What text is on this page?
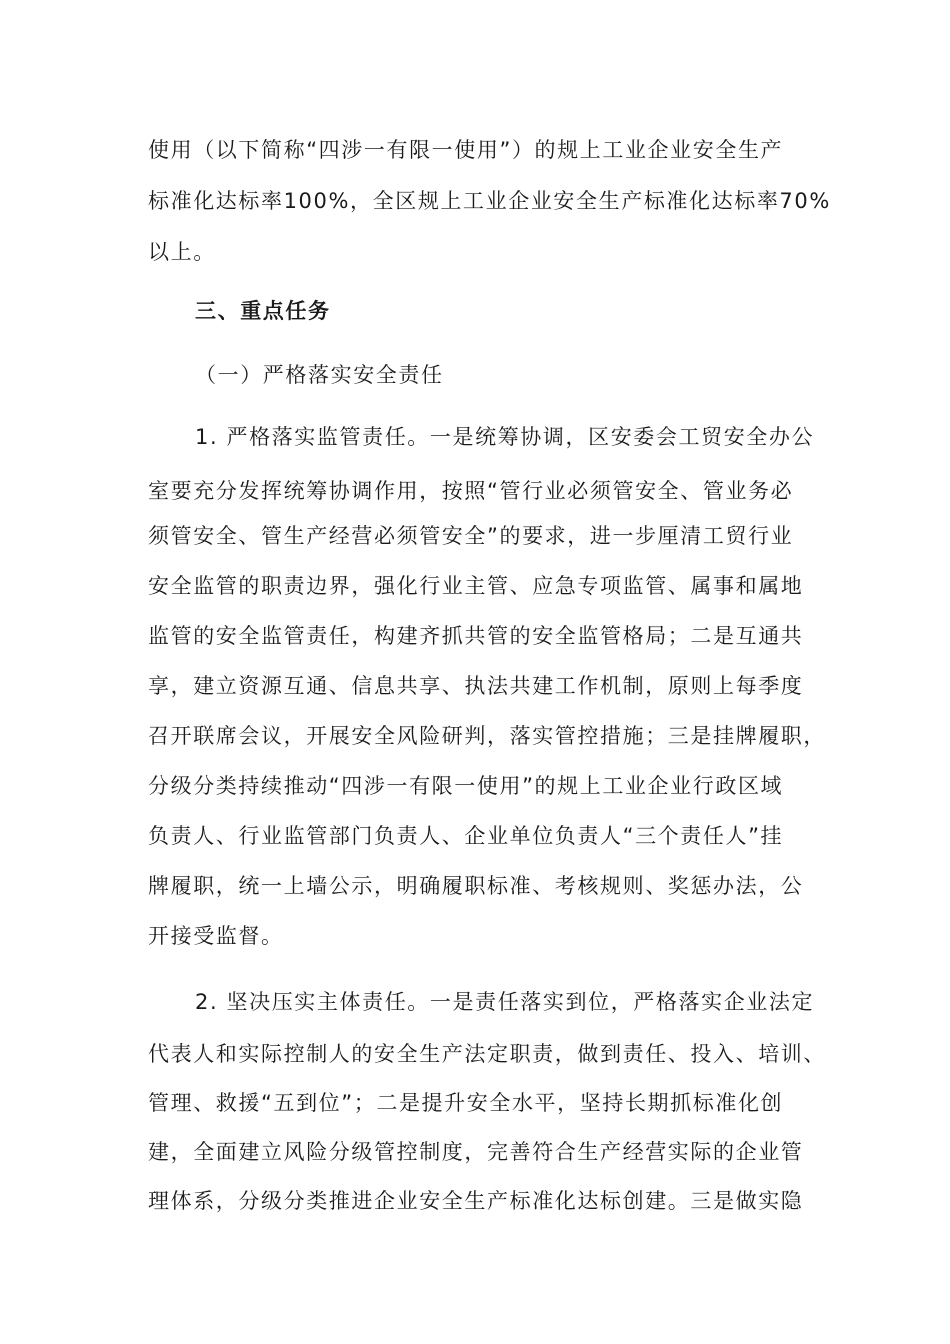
使用（以下简称“四涉一有限一使用”）的规上工业企业安全生产
标准化达标率100%，全区规上工业企业安全生产标准化达标率70%
以上。
三、重点任务
（一）严格落实安全责任
1. 严格落实监管责任。一是统筹协调，区安委会工贸安全办公
室要充分发挥统筹协调作用，按照“管行业必须管安全、管业务必
须管安全、管生产经营必须管安全”的要求，进一步厘清工贸行业
安全监管的职责边界，强化行业主管、应急专项监管、属事和属地
监管的安全监管责任，构建齐抓共管的安全监管格局；二是互通共
享，建立资源互通、信息共享、执法共建工作机制，原则上每季度
召开联席会议，开展安全风险研判，落实管控措施；三是挂牌履职，
分级分类持续推动“四涉一有限一使用”的规上工业企业行政区域
负责人、行业监管部门负责人、企业单位负责人“三个责任人”挂
牌履职，统一上墙公示，明确履职标准、考核规则、奖惩办法，公
开接受监督。
2. 坚决压实主体责任。一是责任落实到位，严格落实企业法定
代表人和实际控制人的安全生产法定职责，做到责任、投入、培训、
管理、救援“五到位”；二是提升安全水平，坚持长期抓标准化创
建，全面建立风险分级管控制度，完善符合生产经营实际的企业管
理体系，分级分类推进企业安全生产标准化达标创建。三是做实隐
